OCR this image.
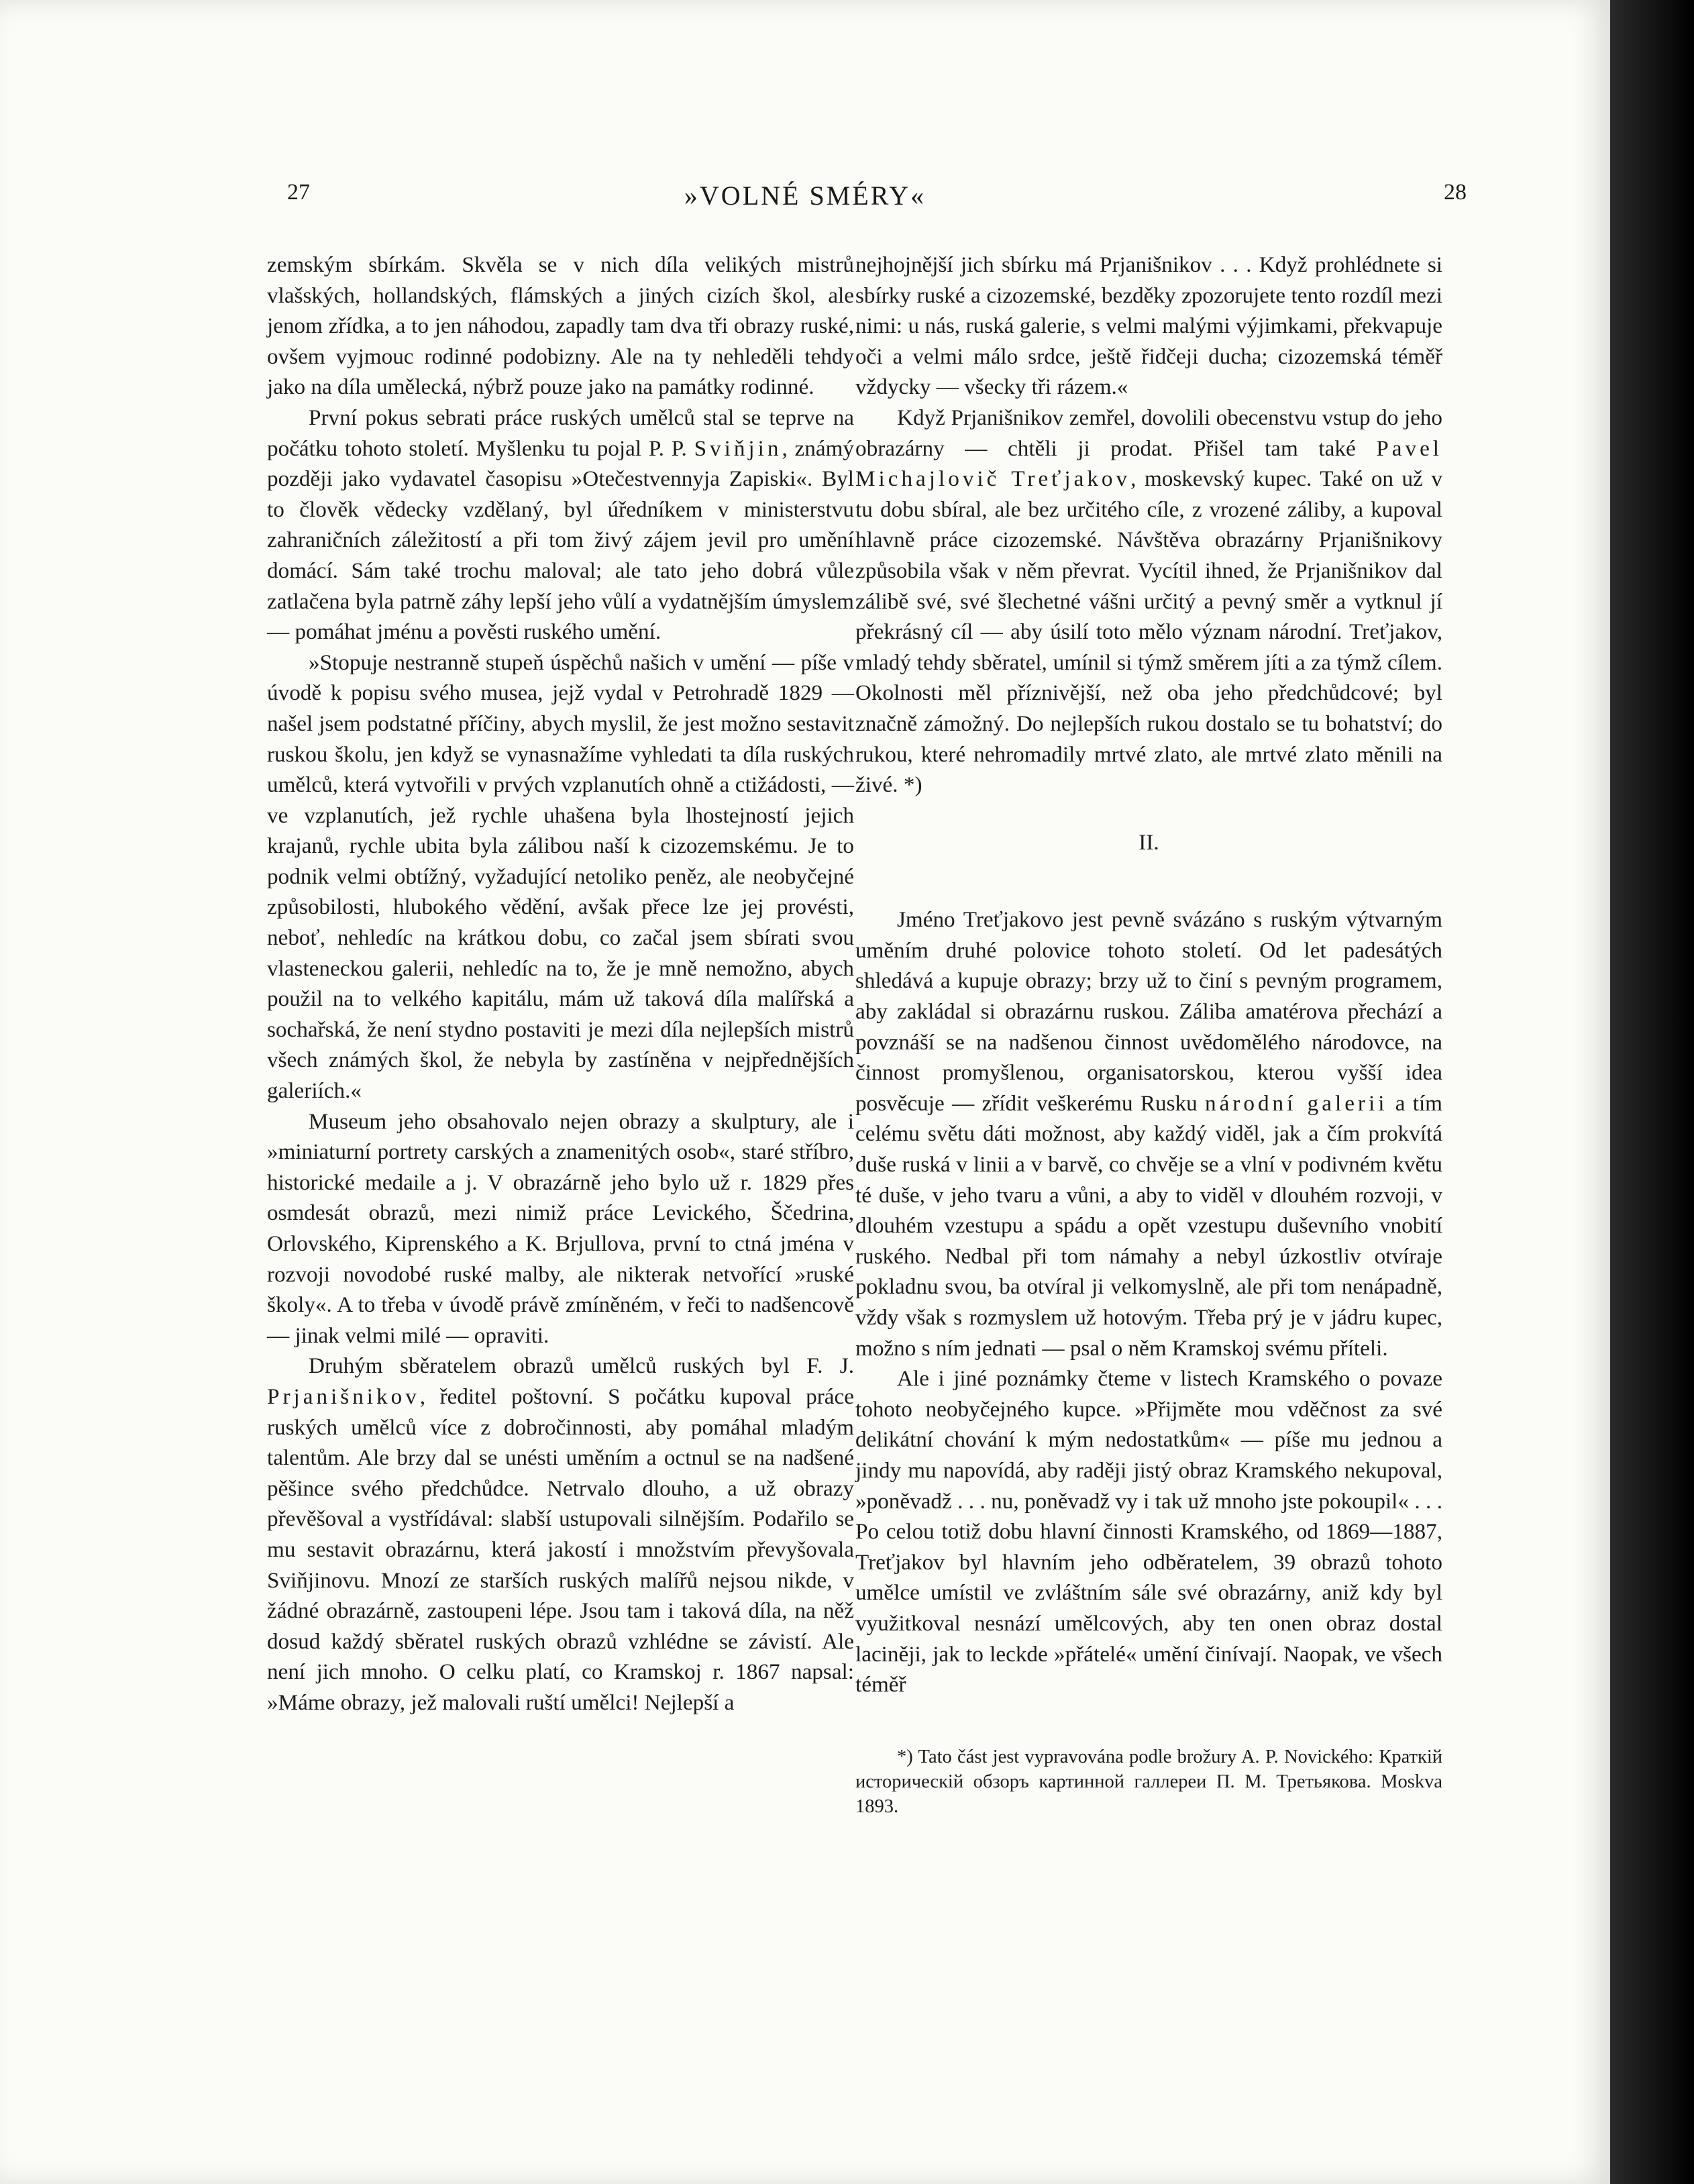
27	»VOLNÉ SMÉRY«	28

zemským sbírkám. Skvěla se v nich díla velikých mistrů vlašských, hollandských, flámských a jiných cizích škol, ale jenom zřídka, a to jen náhodou, zapadly tam dva tři obrazy ruské, ovšem vyjmouc rodinné podobizny. Ale na ty nehleděli tehdy jako na díla umělecká, nýbrž pouze jako na památky rodinné.

První pokus sebrati práce ruských umělců stal se teprve na počátku tohoto století. Myšlenku tu pojal P. P. Sviňjin, známý později jako vydavatel časopisu »Otečestvennyja Zapiski«. Byl to člověk vědecky vzdělaný, byl úředníkem v ministerstvu zahraničních záležitostí a při tom živý zájem jevil pro umění domácí. Sám také trochu maloval; ale tato jeho dobrá vůle zatlačena byla patrně záhy lepší jeho vůlí a vydatnějším úmyslem — pomáhat jménu a pověsti ruského umění.

»Stopuje nestranně stupeň úspěchů našich v umění — píše v úvodě k popisu svého musea, jejž vydal v Petrohradě 1829 — našel jsem podstatné příčiny, abych myslil, že jest možno sestavit ruskou školu, jen když se vynasnažíme vyhledati ta díla ruských umělců, která vytvořili v prvých vzplanutích ohně a ctižádosti, — ve vzplanutích, jež rychle uhašena byla lhostejností jejich krajanů, rychle ubita byla zálibou naší k cizozemskému. Je to podnik velmi obtížný, vyžadující netoliko peněz, ale neobyčejné způsobilosti, hlubokého vědění, avšak přece lze jej provésti, neboť, nehledíc na krátkou dobu, co začal jsem sbírati svou vlasteneckou galerii, nehledíc na to, že je mně nemožno, abych použil na to velkého kapitálu, mám už taková díla malířská a sochařská, že není stydno postaviti je mezi díla nejlepších mistrů všech známých škol, že nebyla by zastíněna v nejpřednějších galeriích.«

Museum jeho obsahovalo nejen obrazy a skulptury, ale i »miniaturní portrety carských a znamenitých osob«, staré stříbro, historické medaile a j. V obrazárně jeho bylo už r. 1829 přes osmdesát obrazů, mezi nimiž práce Levického, Ščedrina, Orlovského, Kiprenského a K. Brjullova, první to ctná jména v rozvoji novodobé ruské malby, ale nikterak netvořící »ruské školy«. A to třeba v úvodě právě zmíněném, v řeči to nadšencově — jinak velmi milé — opraviti.

Druhým sběratelem obrazů umělců ruských byl F. J. Prjanišnikov, ředitel poštovní. S počátku kupoval práce ruských umělců více z dobročinnosti, aby pomáhal mladým talentům. Ale brzy dal se unésti uměním a octnul se na nadšené pěšince svého předchůdce. Netrvalo dlouho, a už obrazy převěšoval a vystřídával: slabší ustupovali silnějším. Podařilo se mu sestavit obrazárnu, která jakostí i množstvím převyšovala Sviňjinovu. Mnozí ze starších ruských malířů nejsou nikde, v žádné obrazárně, zastoupeni lépe. Jsou tam i taková díla, na něž dosud každý sběratel ruských obrazů vzhlédne se závistí. Ale není jich mnoho. O celku platí, co Kramskoj r. 1867 napsal: »Máme obrazy, jež malovali ruští umělci! Nejlepší a

nejhojnější jich sbírku má Prjanišnikov . . . Když prohlédnete si sbírky ruské a cizozemské, bezděky zpozorujete tento rozdíl mezi nimi: u nás, ruská galerie, s velmi malými výjimkami, překvapuje oči a velmi málo srdce, ještě řidčeji ducha; cizozemská téměř vždycky — všecky tři rázem.«

Když Prjanišnikov zemřel, dovolili obecenstvu vstup do jeho obrazárny — chtěli ji prodat. Přišel tam také Pavel Michajlovič Treťjakov, moskevský kupec. Také on už v tu dobu sbíral, ale bez určitého cíle, z vrozené záliby, a kupoval hlavně práce cizozemské. Návštěva obrazárny Prjanišnikovy způsobila však v něm převrat. Vycítil ihned, že Prjanišnikov dal zálibě své, své šlechetné vášni určitý a pevný směr a vytknul jí překrásný cíl — aby úsilí toto mělo význam národní. Treťjakov, mladý tehdy sběratel, umínil si týmž směrem jíti a za týmž cílem. Okolnosti měl příznivější, než oba jeho předchůdcové; byl značně zámožný. Do nejlepších rukou dostalo se tu bohatství; do rukou, které nehromadily mrtvé zlato, ale mrtvé zlato měnili na živé. *)

II.

Jméno Treťjakovo jest pevně svázáno s ruským výtvarným uměním druhé polovice tohoto století. Od let padesátých shledává a kupuje obrazy; brzy už to činí s pevným programem, aby zakládal si obrazárnu ruskou. Záliba amatérova přechází a povznáší se na nadšenou činnost uvědomělého národovce, na činnost promyšlenou, organisatorskou, kterou vyšší idea posvěcuje — zřídit veškerému Rusku národní galerii a tím celému světu dáti možnost, aby každý viděl, jak a čím prokvítá duše ruská v linii a v barvě, co chvěje se a vlní v podivném květu té duše, v jeho tvaru a vůni, a aby to viděl v dlouhém rozvoji, v dlouhém vzestupu a spádu a opět vzestupu duševního vnobití ruského. Nedbal při tom námahy a nebyl úzkostliv otvíraje pokladnu svou, ba otvíral ji velkomyslně, ale při tom nenápadně, vždy však s rozmyslem už hotovým. Třeba prý je v jádru kupec, možno s ním jednati — psal o něm Kramskoj svému příteli.

Ale i jiné poznámky čteme v listech Kramského o povaze tohoto neobyčejného kupce. »Přijměte mou vděčnost za své delikátní chování k mým nedostatkům« — píše mu jednou a jindy mu napovídá, aby raději jistý obraz Kramského nekupoval, »poněvadž . . . nu, poněvadž vy i tak už mnoho jste pokoupil« . . . Po celou totiž dobu hlavní činnosti Kramského, od 1869—1887, Treťjakov byl hlavním jeho odběratelem, 39 obrazů tohoto umělce umístil ve zvláštním sále své obrazárny, aniž kdy byl využitkoval nesnází umělcových, aby ten onen obraz dostal laciněji, jak to leckde »přátelé« umění činívají. Naopak, ve všech téměř

*) Tato část jest vypravována podle brožury A. P. Novického: Краткій историческій обзоръ картинной галлереи П. М. Третьякова. Moskva 1893.
